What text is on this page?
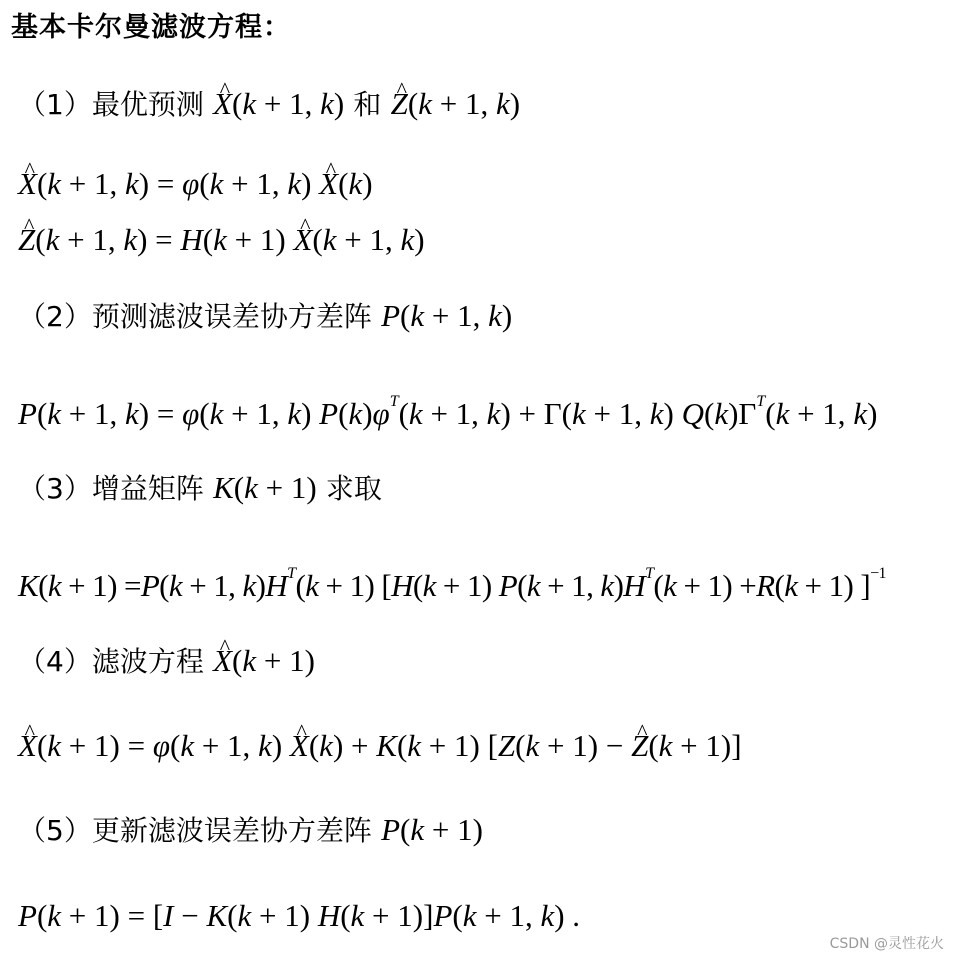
基本卡尔曼滤波方程：
（1）最优预测 ^ X(k + 1, k) 和 ^ Z(k + 1, k)
^ X(k + 1, k) = φ(k + 1, k) ^ X(k)
^ Z(k + 1, k) = H(k + 1) ^ X(k + 1, k)
（2）预测滤波误差协方差阵 P(k + 1, k)
P(k + 1, k) = φ(k + 1, k) $P(k)\varphi^T(k + 1$, k) + Γ(k + 1, k) $Q(k)\Gamma^T(k + 1$, k)
（3）增益矩阵 K(k + 1) 求取
K(k + 1) =P(k + 1, $k)H^T(k + 1)$ [H(k + 1) P(k + 1, $k)H^T(k + 1) +R(k + 1)$ ]$^{-1}$
（4）滤波方程 ^ X(k + 1)
^ X(k + 1) = φ(k + 1, k) ^ X(k) + K(k + 1) [Z(k + 1) − ^ Z(k + 1)]
（5）更新滤波误差协方差阵 P(k + 1)
P(k + 1) = [I − K(k + 1) H(k + 1)]P(k + 1, k) .
CSDN @灵性花火
